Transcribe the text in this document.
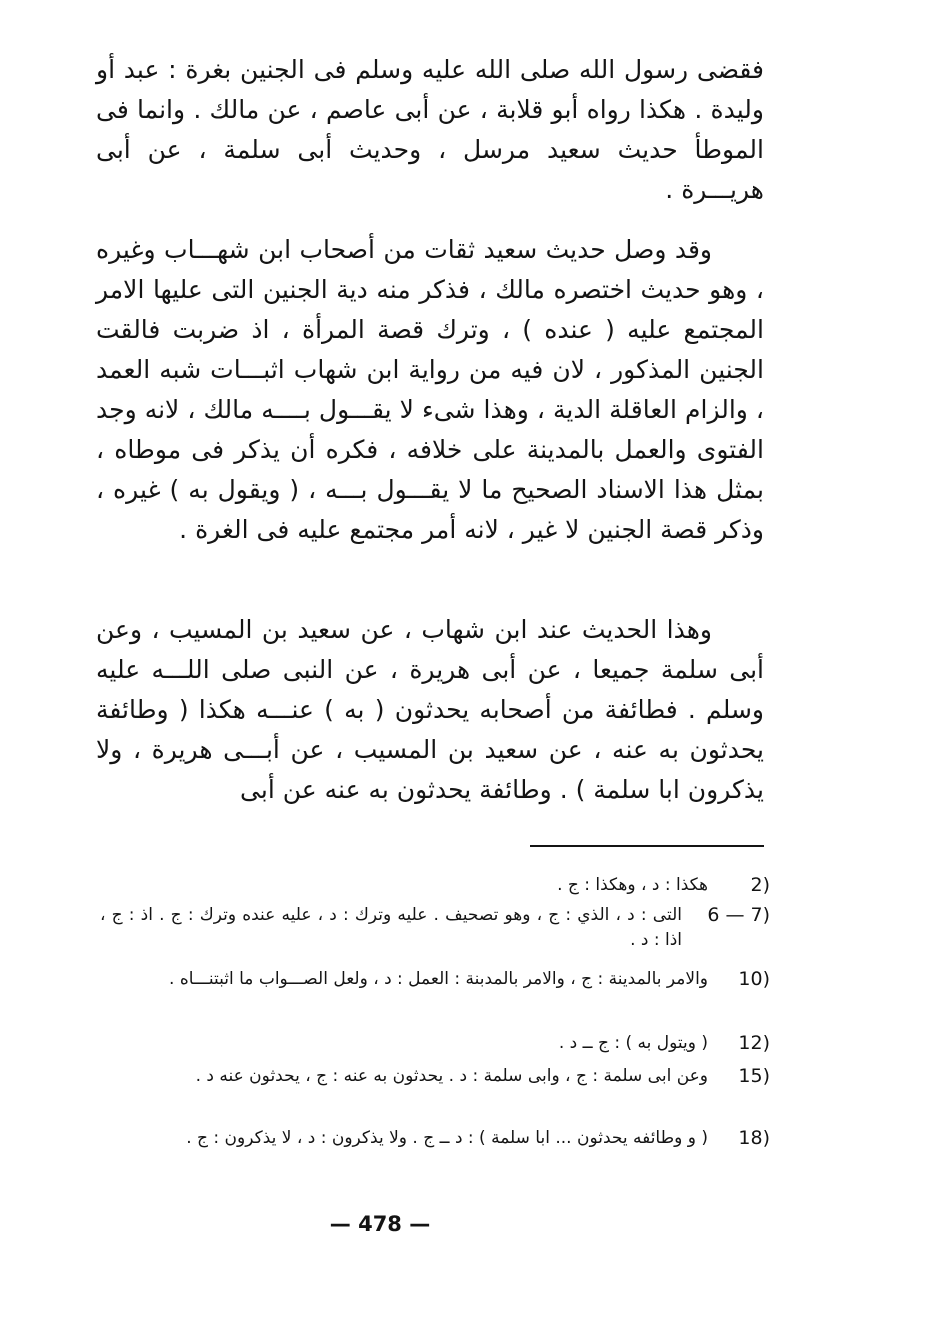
فقضى رسول الله صلى الله عليه وسلم فى الجنين بغرة : عبد أو وليدة . هكذا رواه أبو قلابة ، عن أبى عاصم ، عن مالك . وانما فى الموطأ حديث سعيد مرسل ، وحديث أبى سلمة ، عن أبى هريـــرة .

وقد وصل حديث سعيد ثقات من أصحاب ابن شهـــاب وغيره ، وهو حديث اختصره مالك ، فذكر منه دية الجنين التى عليها الامر المجتمع عليه ( عنده ) ، وترك قصة المرأة ، اذ ضربت فالقت الجنين المذكور ، لان فيه من رواية ابن شهاب اثبـــات شبه العمد ، والزام العاقلة الدية ، وهذا شىء لا يقـــول بــــه مالك ، لانه وجد الفتوى والعمل بالمدينة على خلافه ، فكره أن يذكر فى موطاه ، بمثل هذا الاسناد الصحيح ما لا يقـــول بـــه ، ( ويقول به ) غيره ، وذكر قصة الجنين لا غير ، لانه أمر مجتمع عليه فى الغرة .

وهذا الحديث عند ابن شهاب ، عن سعيد بن المسيب ، وعن أبى سلمة جميعا ، عن أبى هريرة ، عن النبى صلى اللـــه عليه وسلم . فطائفة من أصحابه يحدثون ( به ) عنـــه هكذا ( وطائفة يحدثون به عنه ، عن سعيد بن المسيب ، عن أبـــى هريرة ، ولا يذكرون ابا سلمة ) . وطائفة يحدثون به عنه عن أبى

2)
هكذا : د ، وهكذا : ج .
6 — 7)
التى : د ، الذي : ج ، وهو تصحيف . عليه وترك : د ، عليه عنده وترك : ج . اذ : ج ، اذا : د .
10)
والامر بالمدينة : ج ، والامر بالمدبنة : العمل : د ، ولعل الصـــواب ما اثبتنـــاه .
12)
( ويتول به ) : ج ــ د .
15)
وعن ابى سلمة : ج ، وابى سلمة : د . يحدثون به عنه : ج ، يحدثون عنه د .
18)
( و وطائفه يحدثون ... ابا سلمة ) : د ــ ج . ولا يذكرون : د ، لا يذكرون : ج .
— 478 —
